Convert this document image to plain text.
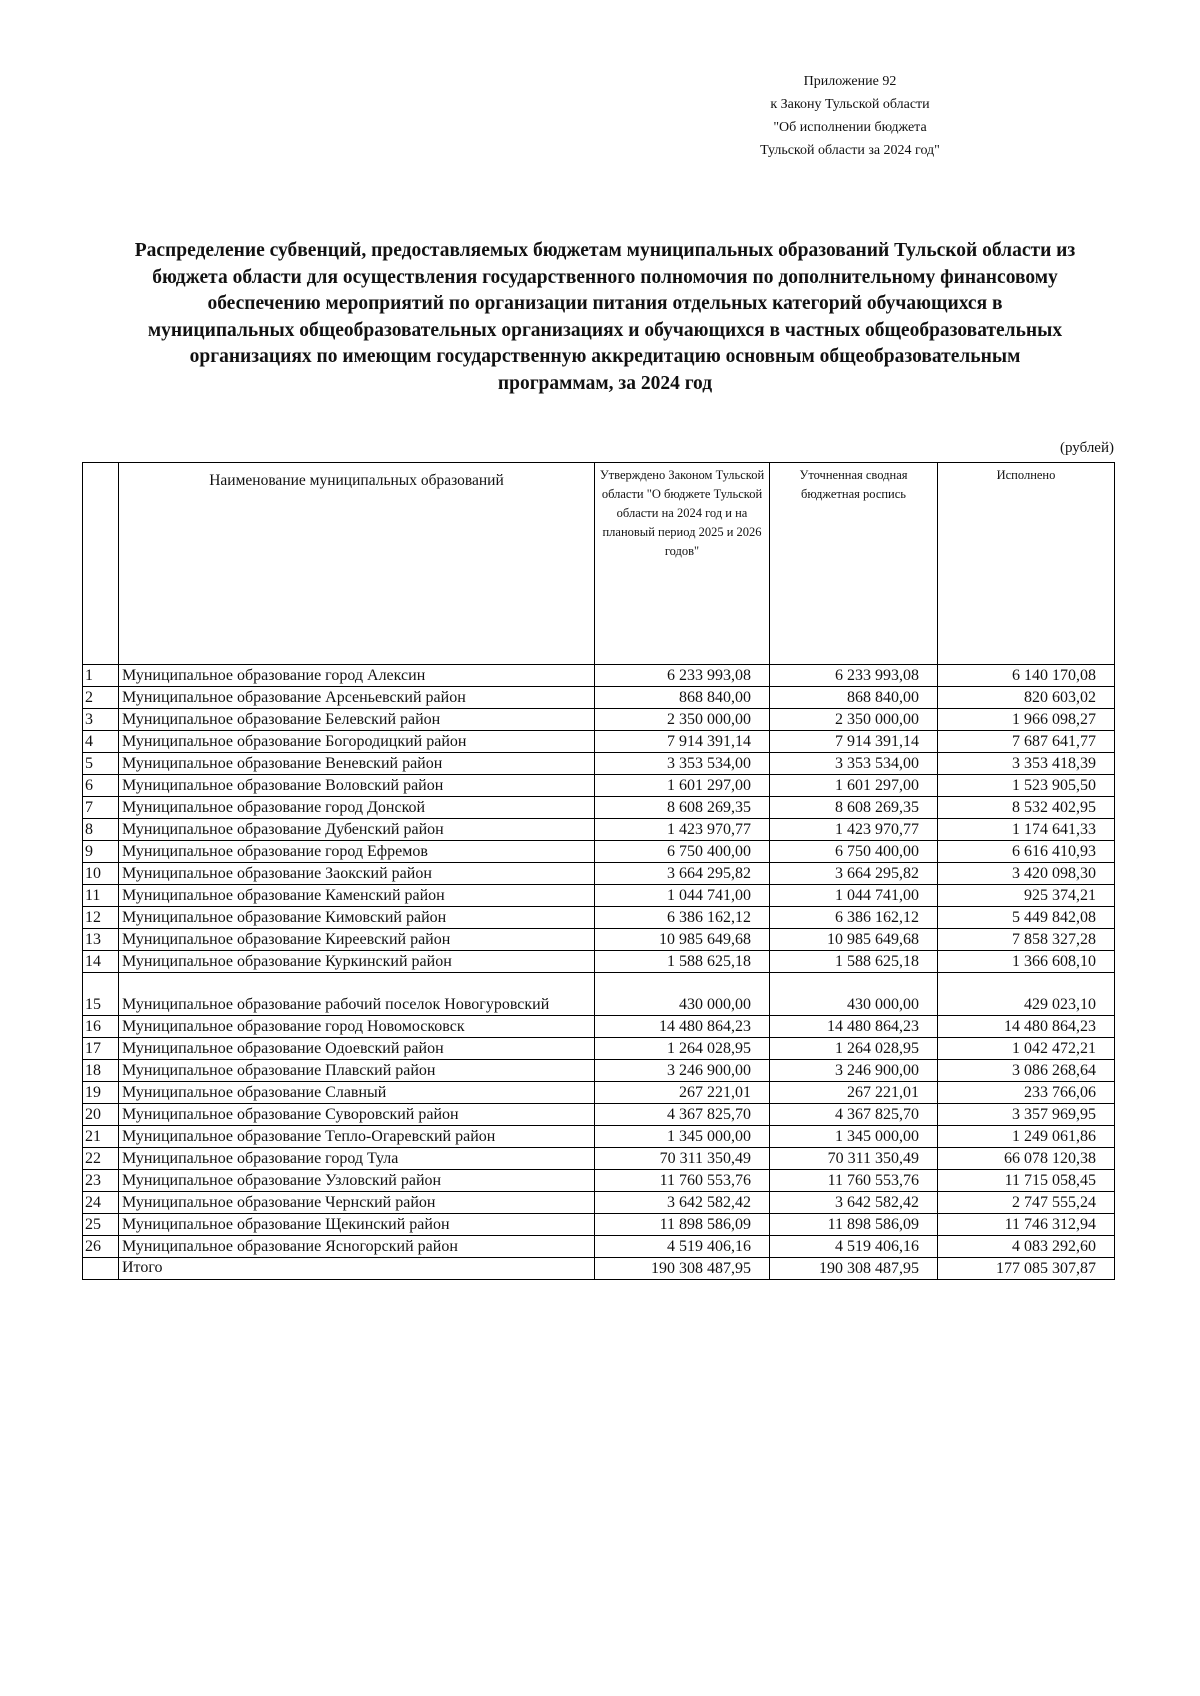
Приложение 92
к Закону Тульской области
"Об исполнении бюджета
Тульской области за 2024 год"
Распределение субвенций, предоставляемых бюджетам муниципальных образований Тульской области из
бюджета области для осуществления государственного полномочия по дополнительному финансовому
обеспечению мероприятий по организации питания отдельных категорий обучающихся в
муниципальных общеобразовательных организациях и обучающихся в частных общеобразовательных
организациях по имеющим государственную аккредитацию основным общеобразовательным
программам, за 2024 год
(рублей)
	Наименование муниципальных образований	Утверждено Законом Тульской области "О бюджете Тульской области на 2024 год и на плановый период 2025 и 2026 годов"	Уточненная сводная бюджетная роспись	Исполнено
1	Муниципальное образование город Алексин	6 233 993,08	6 233 993,08	6 140 170,08
2	Муниципальное образование Арсеньевский район	868 840,00	868 840,00	820 603,02
3	Муниципальное образование Белевский район	2 350 000,00	2 350 000,00	1 966 098,27
4	Муниципальное образование Богородицкий район	7 914 391,14	7 914 391,14	7 687 641,77
5	Муниципальное образование Веневский район	3 353 534,00	3 353 534,00	3 353 418,39
6	Муниципальное образование Воловский район	1 601 297,00	1 601 297,00	1 523 905,50
7	Муниципальное образование город Донской	8 608 269,35	8 608 269,35	8 532 402,95
8	Муниципальное образование Дубенский район	1 423 970,77	1 423 970,77	1 174 641,33
9	Муниципальное образование город Ефремов	6 750 400,00	6 750 400,00	6 616 410,93
10	Муниципальное образование Заокский район	3 664 295,82	3 664 295,82	3 420 098,30
11	Муниципальное образование Каменский район	1 044 741,00	1 044 741,00	925 374,21
12	Муниципальное образование Кимовский район	6 386 162,12	6 386 162,12	5 449 842,08
13	Муниципальное образование Киреевский район	10 985 649,68	10 985 649,68	7 858 327,28
14	Муниципальное образование Куркинский район	1 588 625,18	1 588 625,18	1 366 608,10
15	Муниципальное образование рабочий поселок Новогуровский	430 000,00	430 000,00	429 023,10
16	Муниципальное образование город Новомосковск	14 480 864,23	14 480 864,23	14 480 864,23
17	Муниципальное образование Одоевский район	1 264 028,95	1 264 028,95	1 042 472,21
18	Муниципальное образование Плавский район	3 246 900,00	3 246 900,00	3 086 268,64
19	Муниципальное образование Славный	267 221,01	267 221,01	233 766,06
20	Муниципальное образование Суворовский район	4 367 825,70	4 367 825,70	3 357 969,95
21	Муниципальное образование Тепло-Огаревский район	1 345 000,00	1 345 000,00	1 249 061,86
22	Муниципальное образование город Тула	70 311 350,49	70 311 350,49	66 078 120,38
23	Муниципальное образование Узловский район	11 760 553,76	11 760 553,76	11 715 058,45
24	Муниципальное образование Чернский район	3 642 582,42	3 642 582,42	2 747 555,24
25	Муниципальное образование Щекинский район	11 898 586,09	11 898 586,09	11 746 312,94
26	Муниципальное образование Ясногорский район	4 519 406,16	4 519 406,16	4 083 292,60
	Итого	190 308 487,95	190 308 487,95	177 085 307,87
